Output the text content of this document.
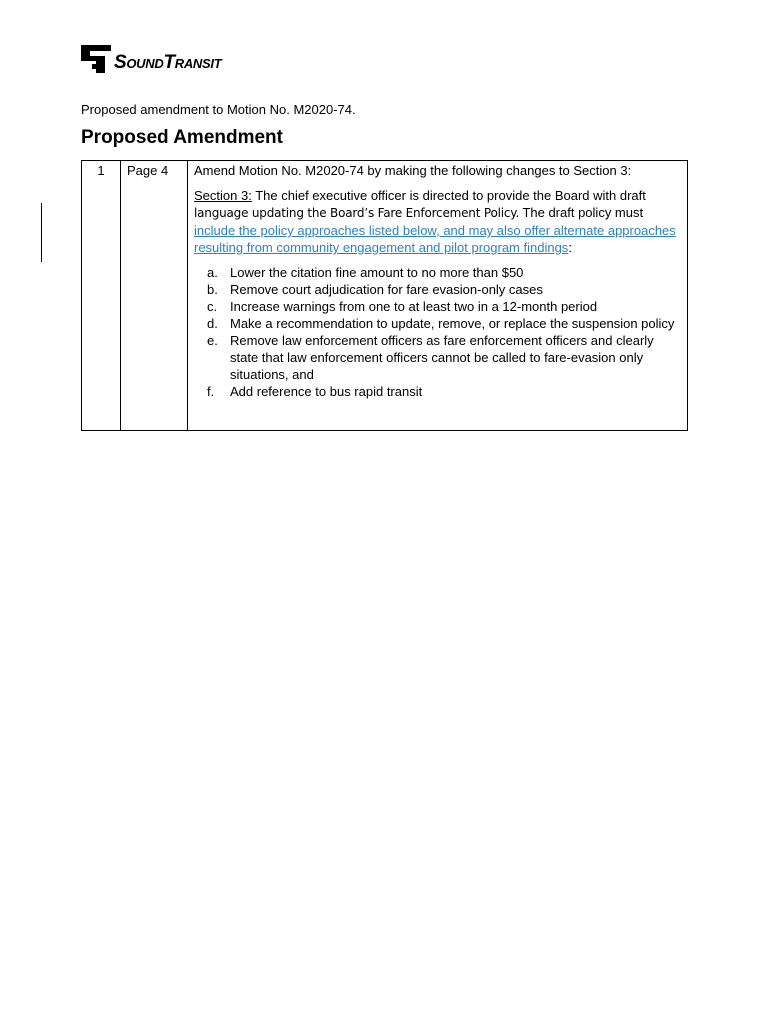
SoundTransit
Proposed amendment to Motion No. M2020-74.
Proposed Amendment
1	Page 4	Amend Motion No. M2020-74 by making the following changes to Section 3:

Section 3: The chief executive officer is directed to provide the Board with draft language updating the Board’s Fare Enforcement Policy. The draft policy must include the policy approaches listed below, and may also offer alternate approaches resulting from community engagement and pilot program findings:

a. Lower the citation fine amount to no more than $50
b. Remove court adjudication for fare evasion-only cases
c. Increase warnings from one to at least two in a 12-month period
d. Make a recommendation to update, remove, or replace the suspension policy
e. Remove law enforcement officers as fare enforcement officers and clearly state that law enforcement officers cannot be called to fare-evasion only situations, and
f.	Add reference to bus rapid transit
